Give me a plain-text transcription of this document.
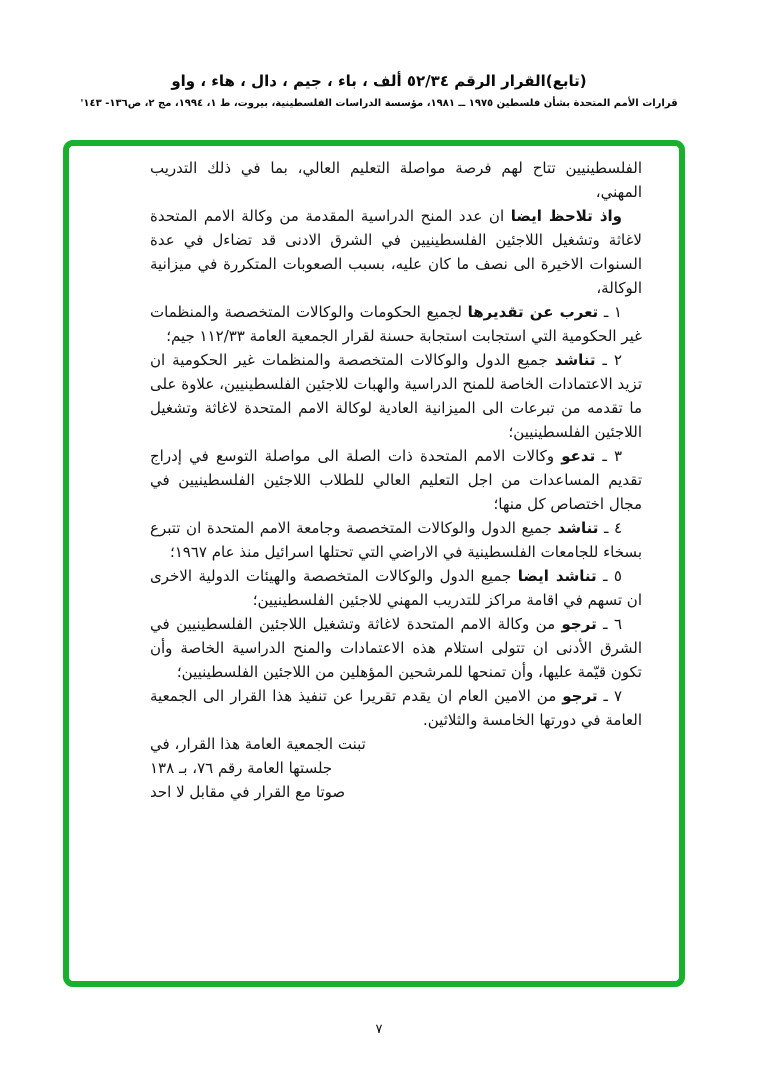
(تابع)القرار الرقم ٥٢/٣٤ ألف ، باء ، جيم ، دال ، هاء ، واو
قرارات الأمم المتحدة بشأن فلسطين ١٩٧٥ ــ ١٩٨١، مؤسسة الدراسات الفلسطينية، بيروت، ط ١، ١٩٩٤، مج ٢، ص١٣٦- ١٤٣'

الفلسطينيين تتاح لهم فرصة مواصلة التعليم العالي، بما في ذلك التدريب المهني،

واذ تلاحظ ايضا ان عدد المنح الدراسية المقدمة من وكالة الامم المتحدة لاغاثة وتشغيل اللاجئين الفلسطينيين في الشرق الادنى قد تضاءل في عدة السنوات الاخيرة الى نصف ما كان عليه، بسبب الصعوبات المتكررة في ميزانية الوكالة،

١ ـ تعرب عن تقديرها لجميع الحكومات والوكالات المتخصصة والمنظمات غير الحكومية التي استجابت استجابة حسنة لقرار الجمعية العامة ١١٢/٣٣ جيم؛

٢ ـ تناشد جميع الدول والوكالات المتخصصة والمنظمات غير الحكومية ان تزيد الاعتمادات الخاصة للمنح الدراسية والهبات للاجئين الفلسطينيين، علاوة على ما تقدمه من تبرعات الى الميزانية العادية لوكالة الامم المتحدة لاغاثة وتشغيل اللاجئين الفلسطينيين؛

٣ ـ تدعو وكالات الامم المتحدة ذات الصلة الى مواصلة التوسع في إدراج تقديم المساعدات من اجل التعليم العالي للطلاب اللاجئين الفلسطينيين في مجال اختصاص كل منها؛

٤ ـ تناشد جميع الدول والوكالات المتخصصة وجامعة الامم المتحدة ان تتبرع بسخاء للجامعات الفلسطينية في الاراضي التي تحتلها اسرائيل منذ عام ١٩٦٧؛

٥ ـ تناشد ايضا جميع الدول والوكالات المتخصصة والهيئات الدولية الاخرى ان تسهم في اقامة مراكز للتدريب المهني للاجئين الفلسطينيين؛

٦ ـ ترجو من وكالة الامم المتحدة لاغاثة وتشغيل اللاجئين الفلسطينيين في الشرق الأدنى ان تتولى استلام هذه الاعتمادات والمنح الدراسية الخاصة وأن تكون قيّمة عليها، وأن تمنحها للمرشحين المؤهلين من اللاجئين الفلسطينيين؛

٧ ـ ترجو من الامين العام ان يقدم تقريرا عن تنفيذ هذا القرار الى الجمعية العامة في دورتها الخامسة والثلاثين.

تبنت الجمعية العامة هذا القرار، في
جلستها العامة رقم ٧٦، بـ ١٣٨
صوتا مع القرار في مقابل لا احد
٧
